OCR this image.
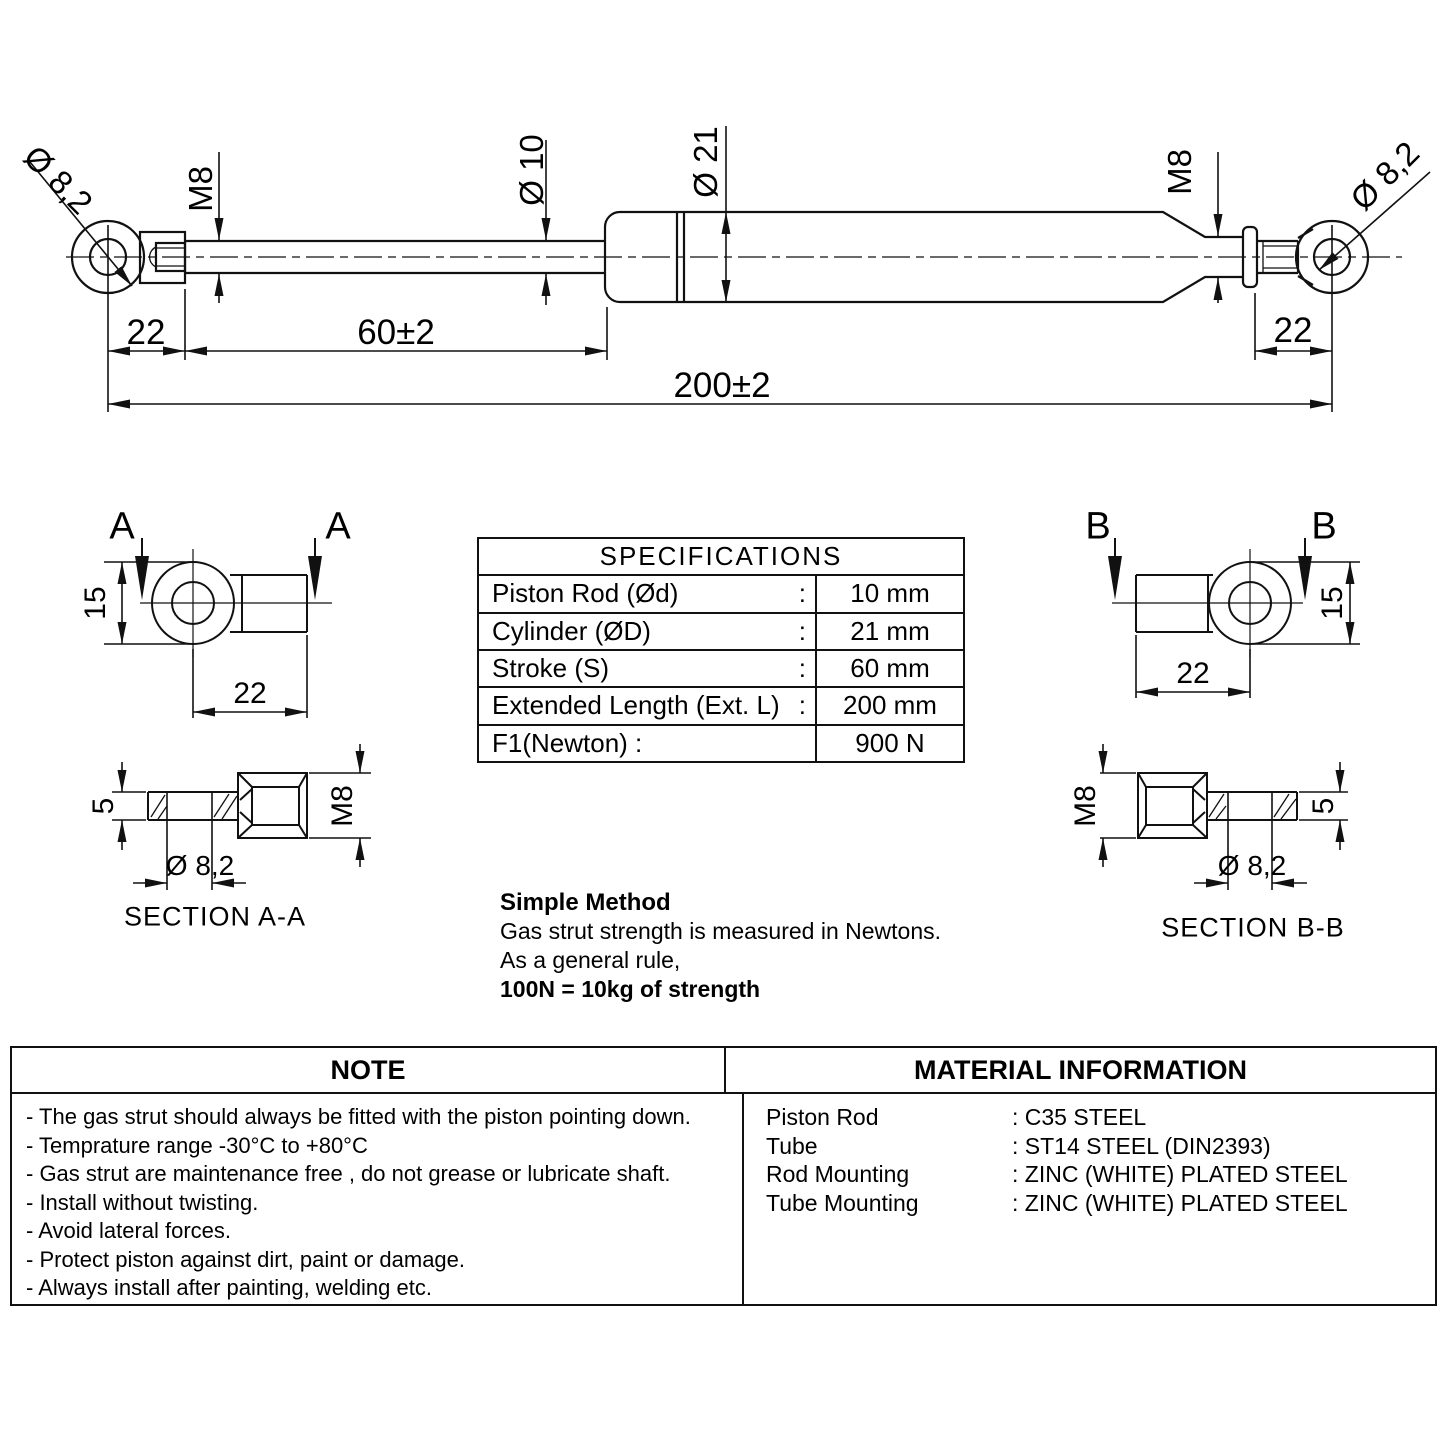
Ø 8,2 M8	Ø 10	Ø 21	M8	Ø 8,2
22	60±2	22
200±2
A	A
15
22
5	M8
Ø 8,2
SECTION A-A
B	B
15
22
M8	5
Ø 8,2
SECTION B-B
SPECIFICATIONS
Piston Rod (Ød)	:	10 mm
Cylinder (ØD)	:	21 mm
Stroke (S)	:	60 mm
Extended Length (Ext. L) :	200 mm
F1(Newton) :	900 N
Simple Method
Gas strut strength is measured in Newtons.
As a general rule,
100N = 10kg of strength
NOTE	MATERIAL INFORMATION
- The gas strut should always be fitted with the piston pointing down.
- Temprature range -30°C to +80°C
- Gas strut are maintenance free , do not grease or lubricate shaft.
- Install without twisting.
- Avoid lateral forces.
- Protect piston against dirt, paint or damage.
- Always install after painting, welding etc.
Piston Rod	: C35 STEEL
Tube	: ST14 STEEL (DIN2393)
Rod Mounting	: ZINC (WHITE) PLATED STEEL
Tube Mounting	: ZINC (WHITE) PLATED STEEL
